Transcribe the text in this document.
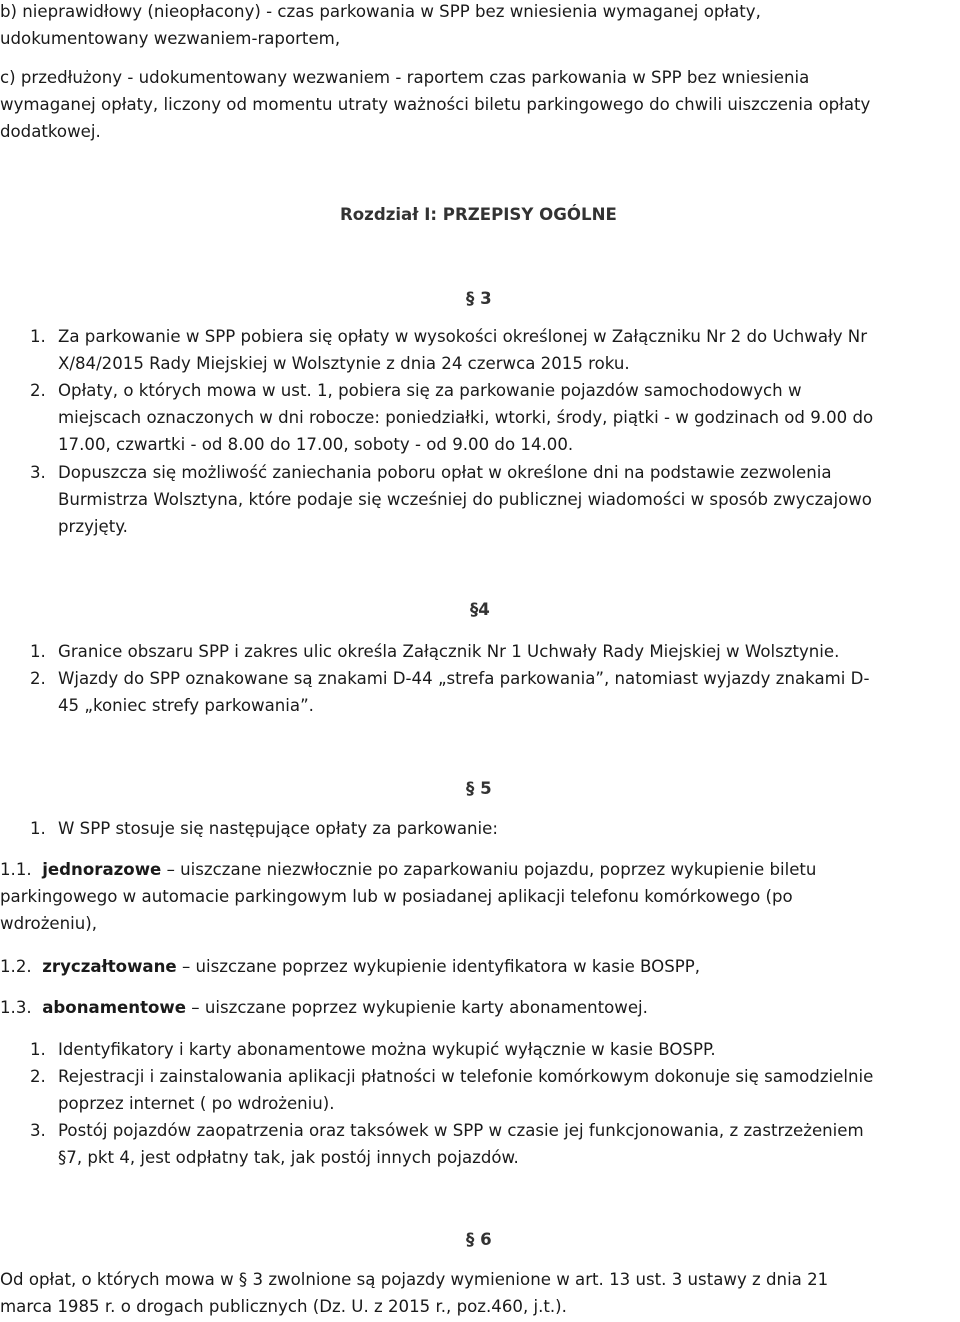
b) nieprawidłowy (nieopłacony) - czas parkowania w SPP bez wniesienia wymaganej opłaty,
udokumentowany wezwaniem-raportem,
c) przedłużony - udokumentowany wezwaniem - raportem czas parkowania w SPP bez wniesienia
wymaganej opłaty, liczony od momentu utraty ważności biletu parkingowego do chwili uiszczenia opłaty
dodatkowej.
Rozdział I: PRZEPISY OGÓLNE
§ 3
1. Za parkowanie w SPP pobiera się opłaty w wysokości określonej w Załączniku Nr 2 do Uchwały Nr
X/84/2015 Rady Miejskiej w Wolsztynie z dnia 24 czerwca 2015 roku.
2. Opłaty, o których mowa w ust. 1, pobiera się za parkowanie pojazdów samochodowych w
miejscach oznaczonych w dni robocze: poniedziałki, wtorki, środy, piątki - w godzinach od 9.00 do
17.00, czwartki - od 8.00 do 17.00, soboty - od 9.00 do 14.00.
3. Dopuszcza się możliwość zaniechania poboru opłat w określone dni na podstawie zezwolenia
Burmistrza Wolsztyna, które podaje się wcześniej do publicznej wiadomości w sposób zwyczajowo
przyjęty.
§4
1. Granice obszaru SPP i zakres ulic określa Załącznik Nr 1 Uchwały Rady Miejskiej w Wolsztynie.
2. Wjazdy do SPP oznakowane są znakami D-44 „strefa parkowania”, natomiast wyjazdy znakami D-
45 „koniec strefy parkowania”.
§ 5
1. W SPP stosuje się następujące opłaty za parkowanie:
1.1. jednorazowe – uiszczane niezwłocznie po zaparkowaniu pojazdu, poprzez wykupienie biletu
parkingowego w automacie parkingowym lub w posiadanej aplikacji telefonu komórkowego (po
wdrożeniu),
1.2. zryczałtowane – uiszczane poprzez wykupienie identyfikatora w kasie BOSPP,
1.3. abonamentowe – uiszczane poprzez wykupienie karty abonamentowej.
1. Identyfikatory i karty abonamentowe można wykupić wyłącznie w kasie BOSPP.
2. Rejestracji i zainstalowania aplikacji płatności w telefonie komórkowym dokonuje się samodzielnie
poprzez internet ( po wdrożeniu).
3. Postój pojazdów zaopatrzenia oraz taksówek w SPP w czasie jej funkcjonowania, z zastrzeżeniem
§7, pkt 4, jest odpłatny tak, jak postój innych pojazdów.
§ 6
Od opłat, o których mowa w § 3 zwolnione są pojazdy wymienione w art. 13 ust. 3 ustawy z dnia 21
marca 1985 r. o drogach publicznych (Dz. U. z 2015 r., poz.460, j.t.).
